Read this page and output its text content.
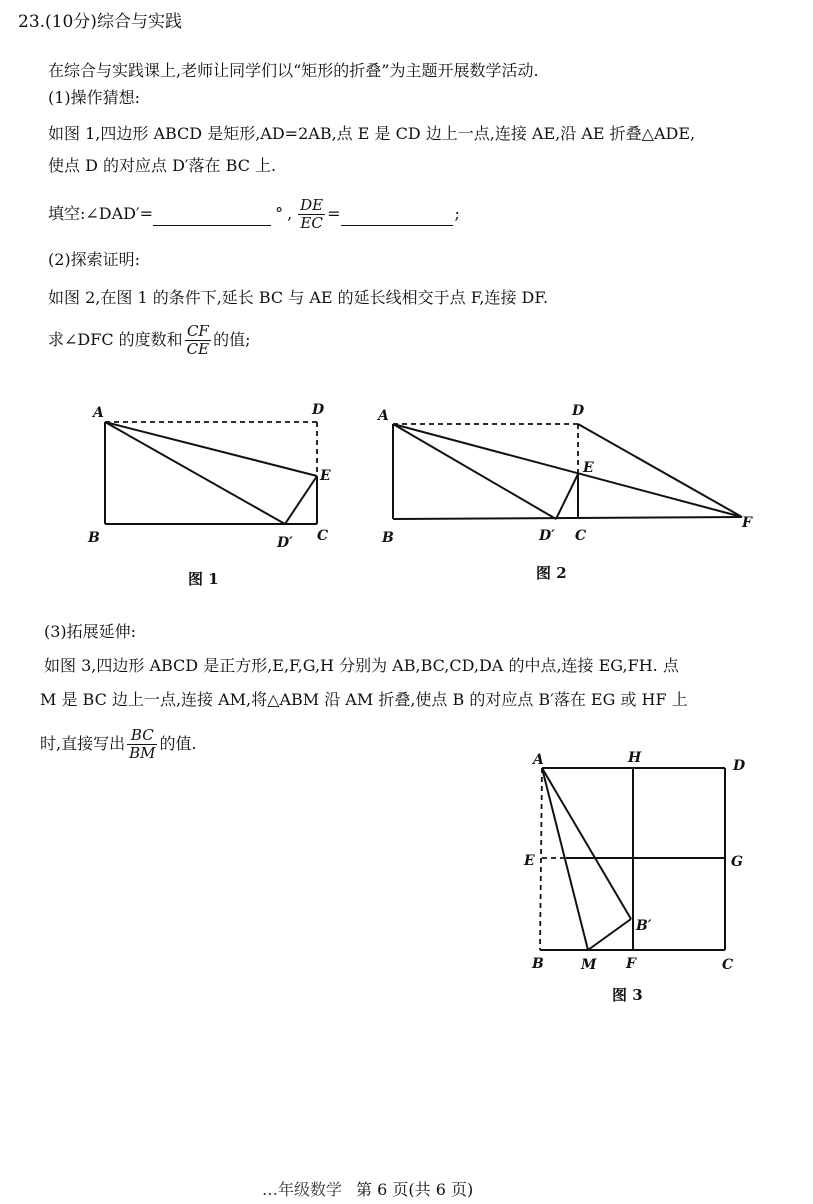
23.(10分)综合与实践
在综合与实践课上,老师让同学们以“矩形的折叠”为主题开展数学活动.
(1)操作猜想:
如图 1,四边形 ABCD 是矩形,AD=2AB,点 E 是 CD 边上一点,连接 AE,沿 AE 折叠△ADE,
使点 D 的对应点 D′落在 BC 上.
填空:∠DAD′=	° , $\frac{DE}{EC}$ =	;
(2)探索证明:
如图 2,在图 1 的条件下,延长 BC 与 AE 的延长线相交于点 F,连接 DF.
求∠DFC 的度数和 $\frac{CF}{CE}$ 的值;
A	D
E
B	D′ C
图 1
A	D
E
B	D′ C
F
图 2
(3)拓展延伸:
如图 3,四边形 ABCD 是正方形,E,F,G,H 分别为 AB,BC,CD,DA 的中点,连接 EG,FH. 点
M 是 BC 边上一点,连接 AM,将△ABM 沿 AM 折叠,使点 B 的对应点 B′落在 EG 或 HF 上
时,直接写出 $\frac{BC}{BM}$ 的值.
A	H	D
E	G
B′
B	M F	C
图 3
…年级数学 第 6 页(共 6 页)
